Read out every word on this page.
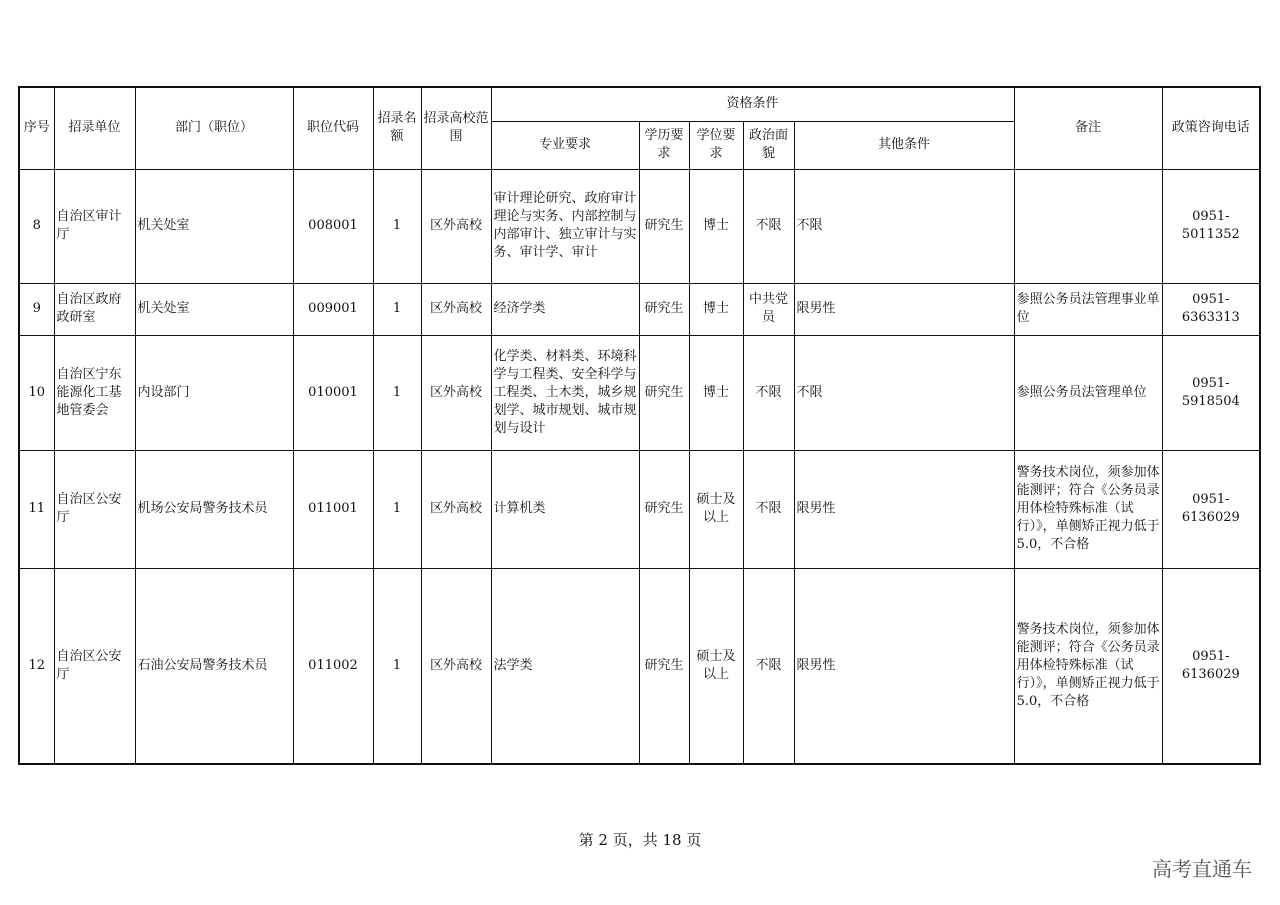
序号	招录单位	部门（职位）	职位代码	招录名额	招录高校范围	资格条件					备注	政策咨询电话
						专业要求	学历要求	学位要求	政治面貌	其他条件		
8	自治区审计厅	机关处室	008001	1	区外高校	审计理论研究、政府审计理论与实务、内部控制与内部审计、独立审计与实务、审计学、审计	研究生	博士	不限	不限		0951-5011352
9	自治区政府政研室	机关处室	009001	1	区外高校	经济学类	研究生	博士	中共党员	限男性	参照公务员法管理事业单位	0951-6363313
10	自治区宁东能源化工基地管委会	内设部门	010001	1	区外高校	化学类、材料类、环境科学与工程类、安全科学与工程类、土木类，城乡规划学、城市规划、城市规划与设计	研究生	博士	不限	不限	参照公务员法管理单位	0951-5918504
11	自治区公安厅	机场公安局警务技术员	011001	1	区外高校	计算机类	研究生	硕士及以上	不限	限男性	警务技术岗位，须参加体能测评；符合《公务员录用体检特殊标准（试行）》，单侧矫正视力低于5.0，不合格	0951-6136029
12	自治区公安厅	石油公安局警务技术员	011002	1	区外高校	法学类	研究生	硕士及以上	不限	限男性	警务技术岗位，须参加体能测评；符合《公务员录用体检特殊标准（试行）》，单侧矫正视力低于5.0，不合格	0951-6136029
第 2 页，共 18 页
高考直通车
